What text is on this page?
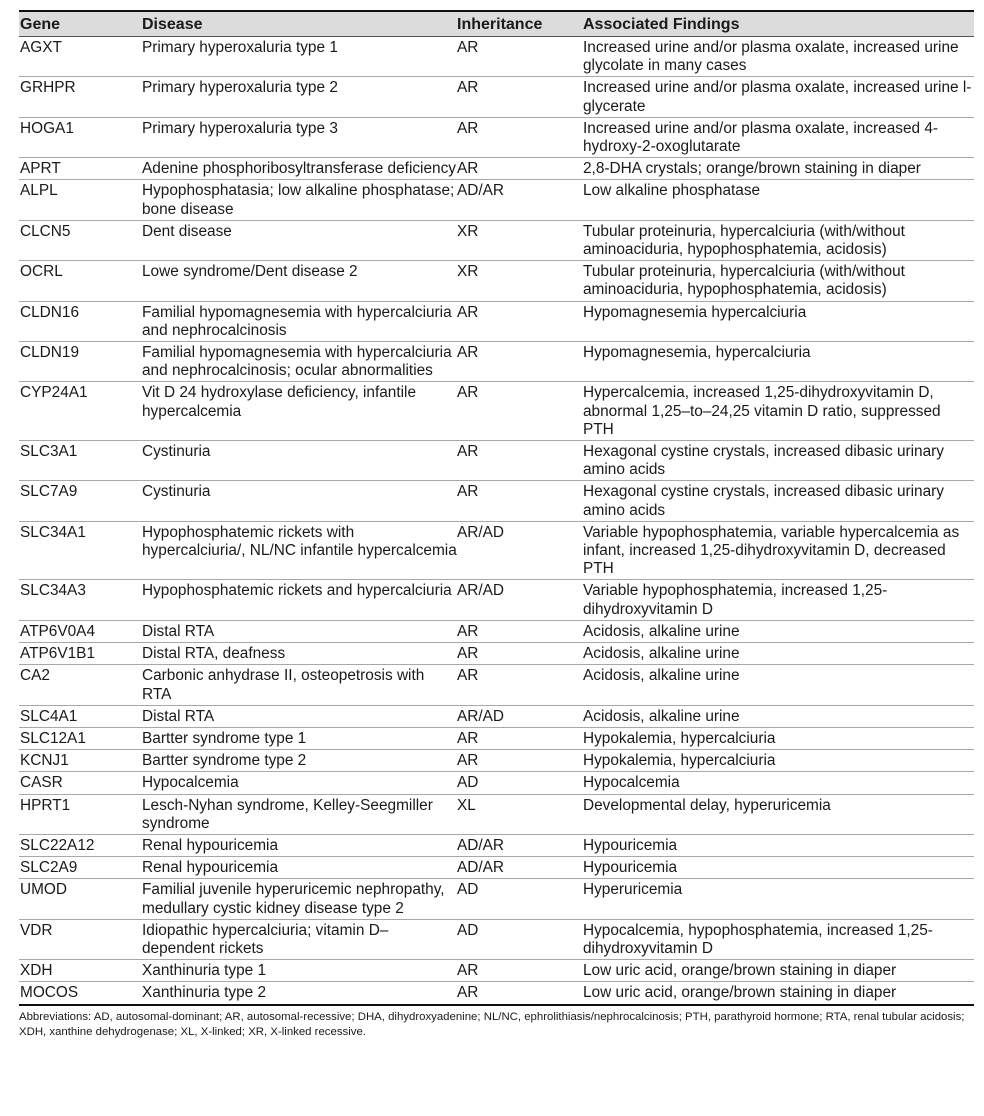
Gene	Disease	Inheritance	Associated Findings
AGXT	Primary hyperoxaluria type 1	AR	Increased urine and/or plasma oxalate, increased urine glycolate in many cases
GRHPR	Primary hyperoxaluria type 2	AR	Increased urine and/or plasma oxalate, increased urine l-glycerate
HOGA1	Primary hyperoxaluria type 3	AR	Increased urine and/or plasma oxalate, increased 4-hydroxy-2-oxoglutarate
APRT	Adenine phosphoribosyltransferase deficiency	AR	2,8-DHA crystals; orange/brown staining in diaper
ALPL	Hypophosphatasia; low alkaline phosphatase; bone disease	AD/AR	Low alkaline phosphatase
CLCN5	Dent disease	XR	Tubular proteinuria, hypercalciuria (with/without aminoaciduria, hypophosphatemia, acidosis)
OCRL	Lowe syndrome/Dent disease 2	XR	Tubular proteinuria, hypercalciuria (with/without aminoaciduria, hypophosphatemia, acidosis)
CLDN16	Familial hypomagnesemia with hypercalciuria and nephrocalcinosis	AR	Hypomagnesemia hypercalciuria
CLDN19	Familial hypomagnesemia with hypercalciuria and nephrocalcinosis; ocular abnormalities	AR	Hypomagnesemia, hypercalciuria
CYP24A1	Vit D 24 hydroxylase deficiency, infantile hypercalcemia	AR	Hypercalcemia, increased 1,25-dihydroxyvitamin D, abnormal 1,25–to–24,25 vitamin D ratio, suppressed PTH
SLC3A1	Cystinuria	AR	Hexagonal cystine crystals, increased dibasic urinary amino acids
SLC7A9	Cystinuria	AR	Hexagonal cystine crystals, increased dibasic urinary amino acids
SLC34A1	Hypophosphatemic rickets with hypercalciuria/, NL/NC infantile hypercalcemia	AR/AD	Variable hypophosphatemia, variable hypercalcemia as infant, increased 1,25-dihydroxyvitamin D, decreased PTH
SLC34A3	Hypophosphatemic rickets and hypercalciuria	AR/AD	Variable hypophosphatemia, increased 1,25-dihydroxyvitamin D
ATP6V0A4	Distal RTA	AR	Acidosis, alkaline urine
ATP6V1B1	Distal RTA, deafness	AR	Acidosis, alkaline urine
CA2	Carbonic anhydrase II, osteopetrosis with RTA	AR	Acidosis, alkaline urine
SLC4A1	Distal RTA	AR/AD	Acidosis, alkaline urine
SLC12A1	Bartter syndrome type 1	AR	Hypokalemia, hypercalciuria
KCNJ1	Bartter syndrome type 2	AR	Hypokalemia, hypercalciuria
CASR	Hypocalcemia	AD	Hypocalcemia
HPRT1	Lesch-Nyhan syndrome, Kelley-Seegmiller syndrome	XL	Developmental delay, hyperuricemia
SLC22A12	Renal hypouricemia	AD/AR	Hypouricemia
SLC2A9	Renal hypouricemia	AD/AR	Hypouricemia
UMOD	Familial juvenile hyperuricemic nephropathy, medullary cystic kidney disease type 2	AD	Hyperuricemia
VDR	Idiopathic hypercalciuria; vitamin D–dependent rickets	AD	Hypocalcemia, hypophosphatemia, increased 1,25-dihydroxyvitamin D
XDH	Xanthinuria type 1	AR	Low uric acid, orange/brown staining in diaper
MOCOS	Xanthinuria type 2	AR	Low uric acid, orange/brown staining in diaper
Abbreviations: AD, autosomal-dominant; AR, autosomal-recessive; DHA, dihydroxyadenine; NL/NC, ephrolithiasis/nephrocalcinosis; PTH, parathyroid hormone; RTA, renal tubular acidosis; XDH, xanthine dehydrogenase; XL, X-linked; XR, X-linked recessive.
